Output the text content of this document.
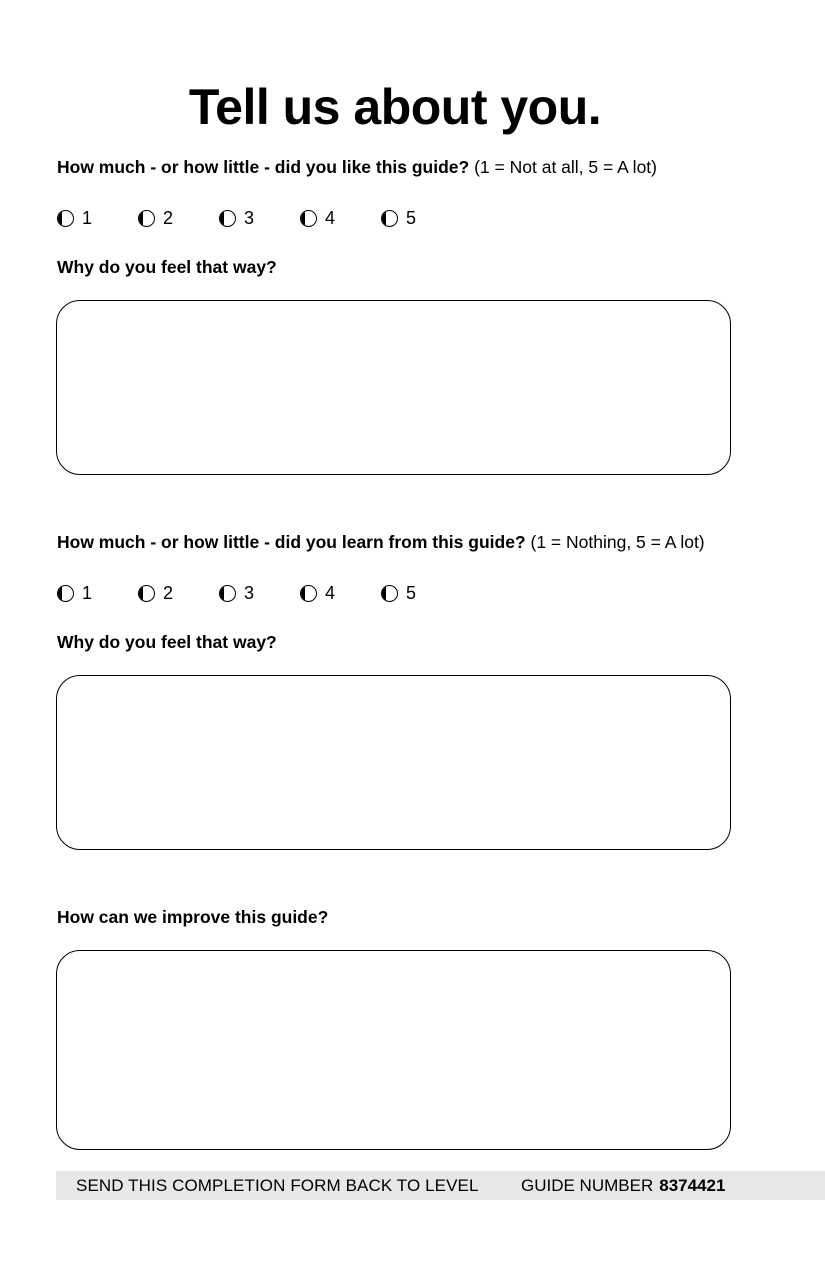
Tell us about you.
How much - or how little - did you like this guide? (1 = Not at all, 5 = A lot)
1	2	3	4	5
Why do you feel that way?
How much - or how little - did you learn from this guide? (1 = Nothing, 5 = A lot)
1	2	3	4	5
Why do you feel that way?
How can we improve this guide?
SEND THIS COMPLETION FORM BACK TO LEVEL GUIDE NUMBER 8374421
